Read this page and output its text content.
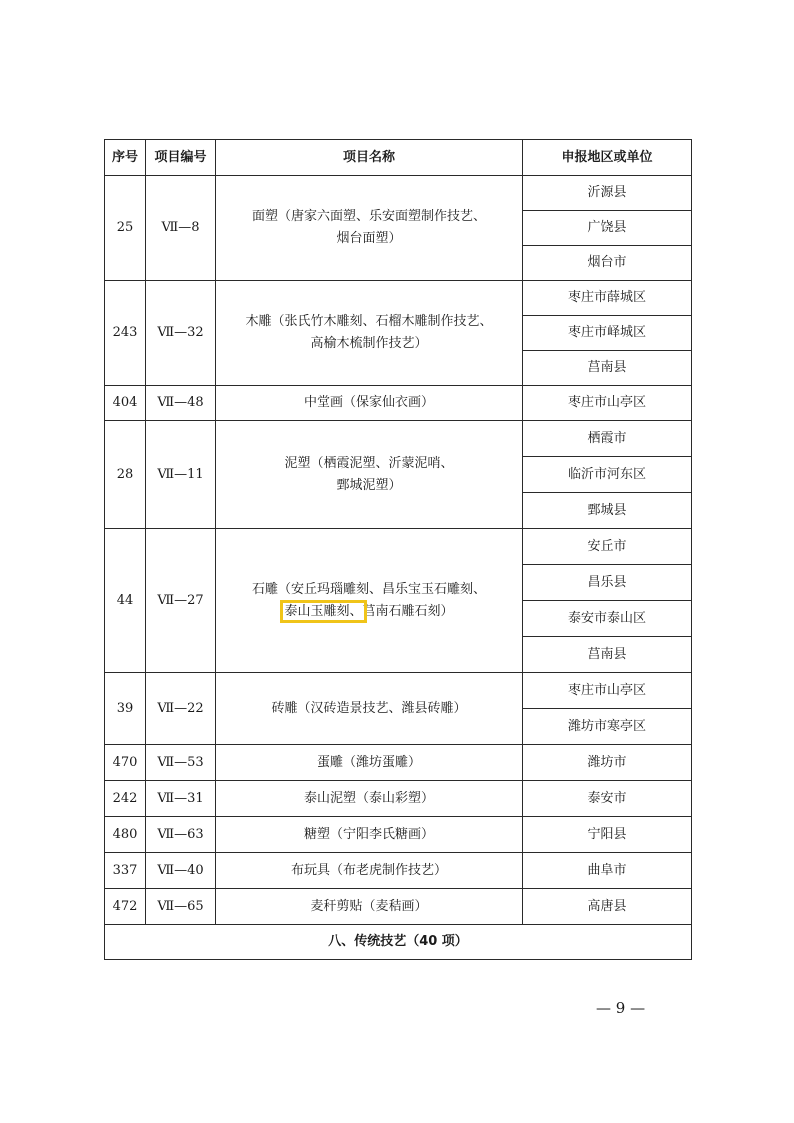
序号	项目编号	项目名称	申报地区或单位
25	Ⅶ—8	面塑（唐家六面塑、乐安面塑制作技艺、
烟台面塑）	沂源县
			广饶县
			烟台市
243	Ⅶ—32	木雕（张氏竹木雕刻、石榴木雕制作技艺、
高榆木梳制作技艺）	枣庄市薛城区
			枣庄市峄城区
			莒南县
404	Ⅶ—48	中堂画（保家仙衣画）	枣庄市山亭区
28	Ⅶ—11	泥塑（栖霞泥塑、沂蒙泥哨、
鄄城泥塑）	栖霞市
			临沂市河东区
			鄄城县
44	Ⅶ—27	石雕（安丘玛瑙雕刻、昌乐宝玉石雕刻、
泰山玉雕刻、莒南石雕石刻）	安丘市
			昌乐县
			泰安市泰山区
			莒南县
39	Ⅶ—22	砖雕（汉砖造景技艺、潍县砖雕）	枣庄市山亭区
			潍坊市寒亭区
470	Ⅶ—53	蛋雕（潍坊蛋雕）	潍坊市
242	Ⅶ—31	泰山泥塑（泰山彩塑）	泰安市
480	Ⅶ—63	糖塑（宁阳李氏糖画）	宁阳县
337	Ⅶ—40	布玩具（布老虎制作技艺）	曲阜市
472	Ⅶ—65	麦秆剪贴（麦秸画）	高唐县
八、传统技艺（40 项）			
— 9 —
